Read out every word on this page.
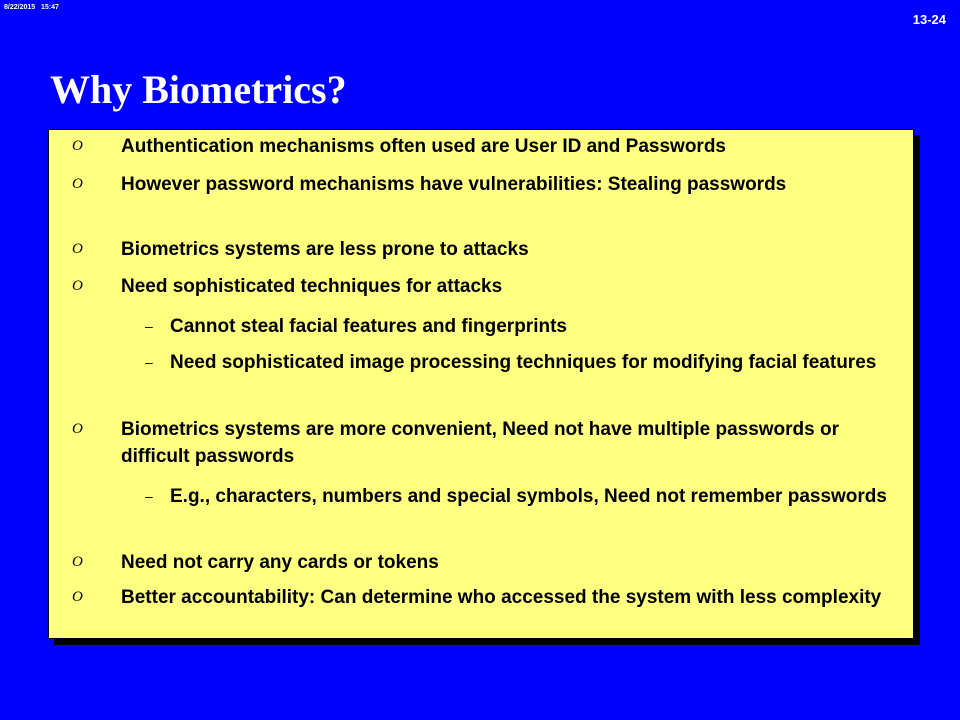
8/22/2015   15:47
13-24
Why Biometrics?
O Authentication mechanisms often used are User ID and Passwords
O However password mechanisms have vulnerabilities: Stealing passwords
O Biometrics systems are less prone to attacks
O Need sophisticated techniques for attacks
– Cannot steal facial features and fingerprints
– Need sophisticated image processing techniques for modifying facial features
O Biometrics systems are more convenient, Need not have multiple passwords or difficult passwords
– E.g., characters, numbers and special symbols, Need not remember passwords
O Need not carry any cards or tokens
O Better accountability: Can determine who accessed the system with less complexity
